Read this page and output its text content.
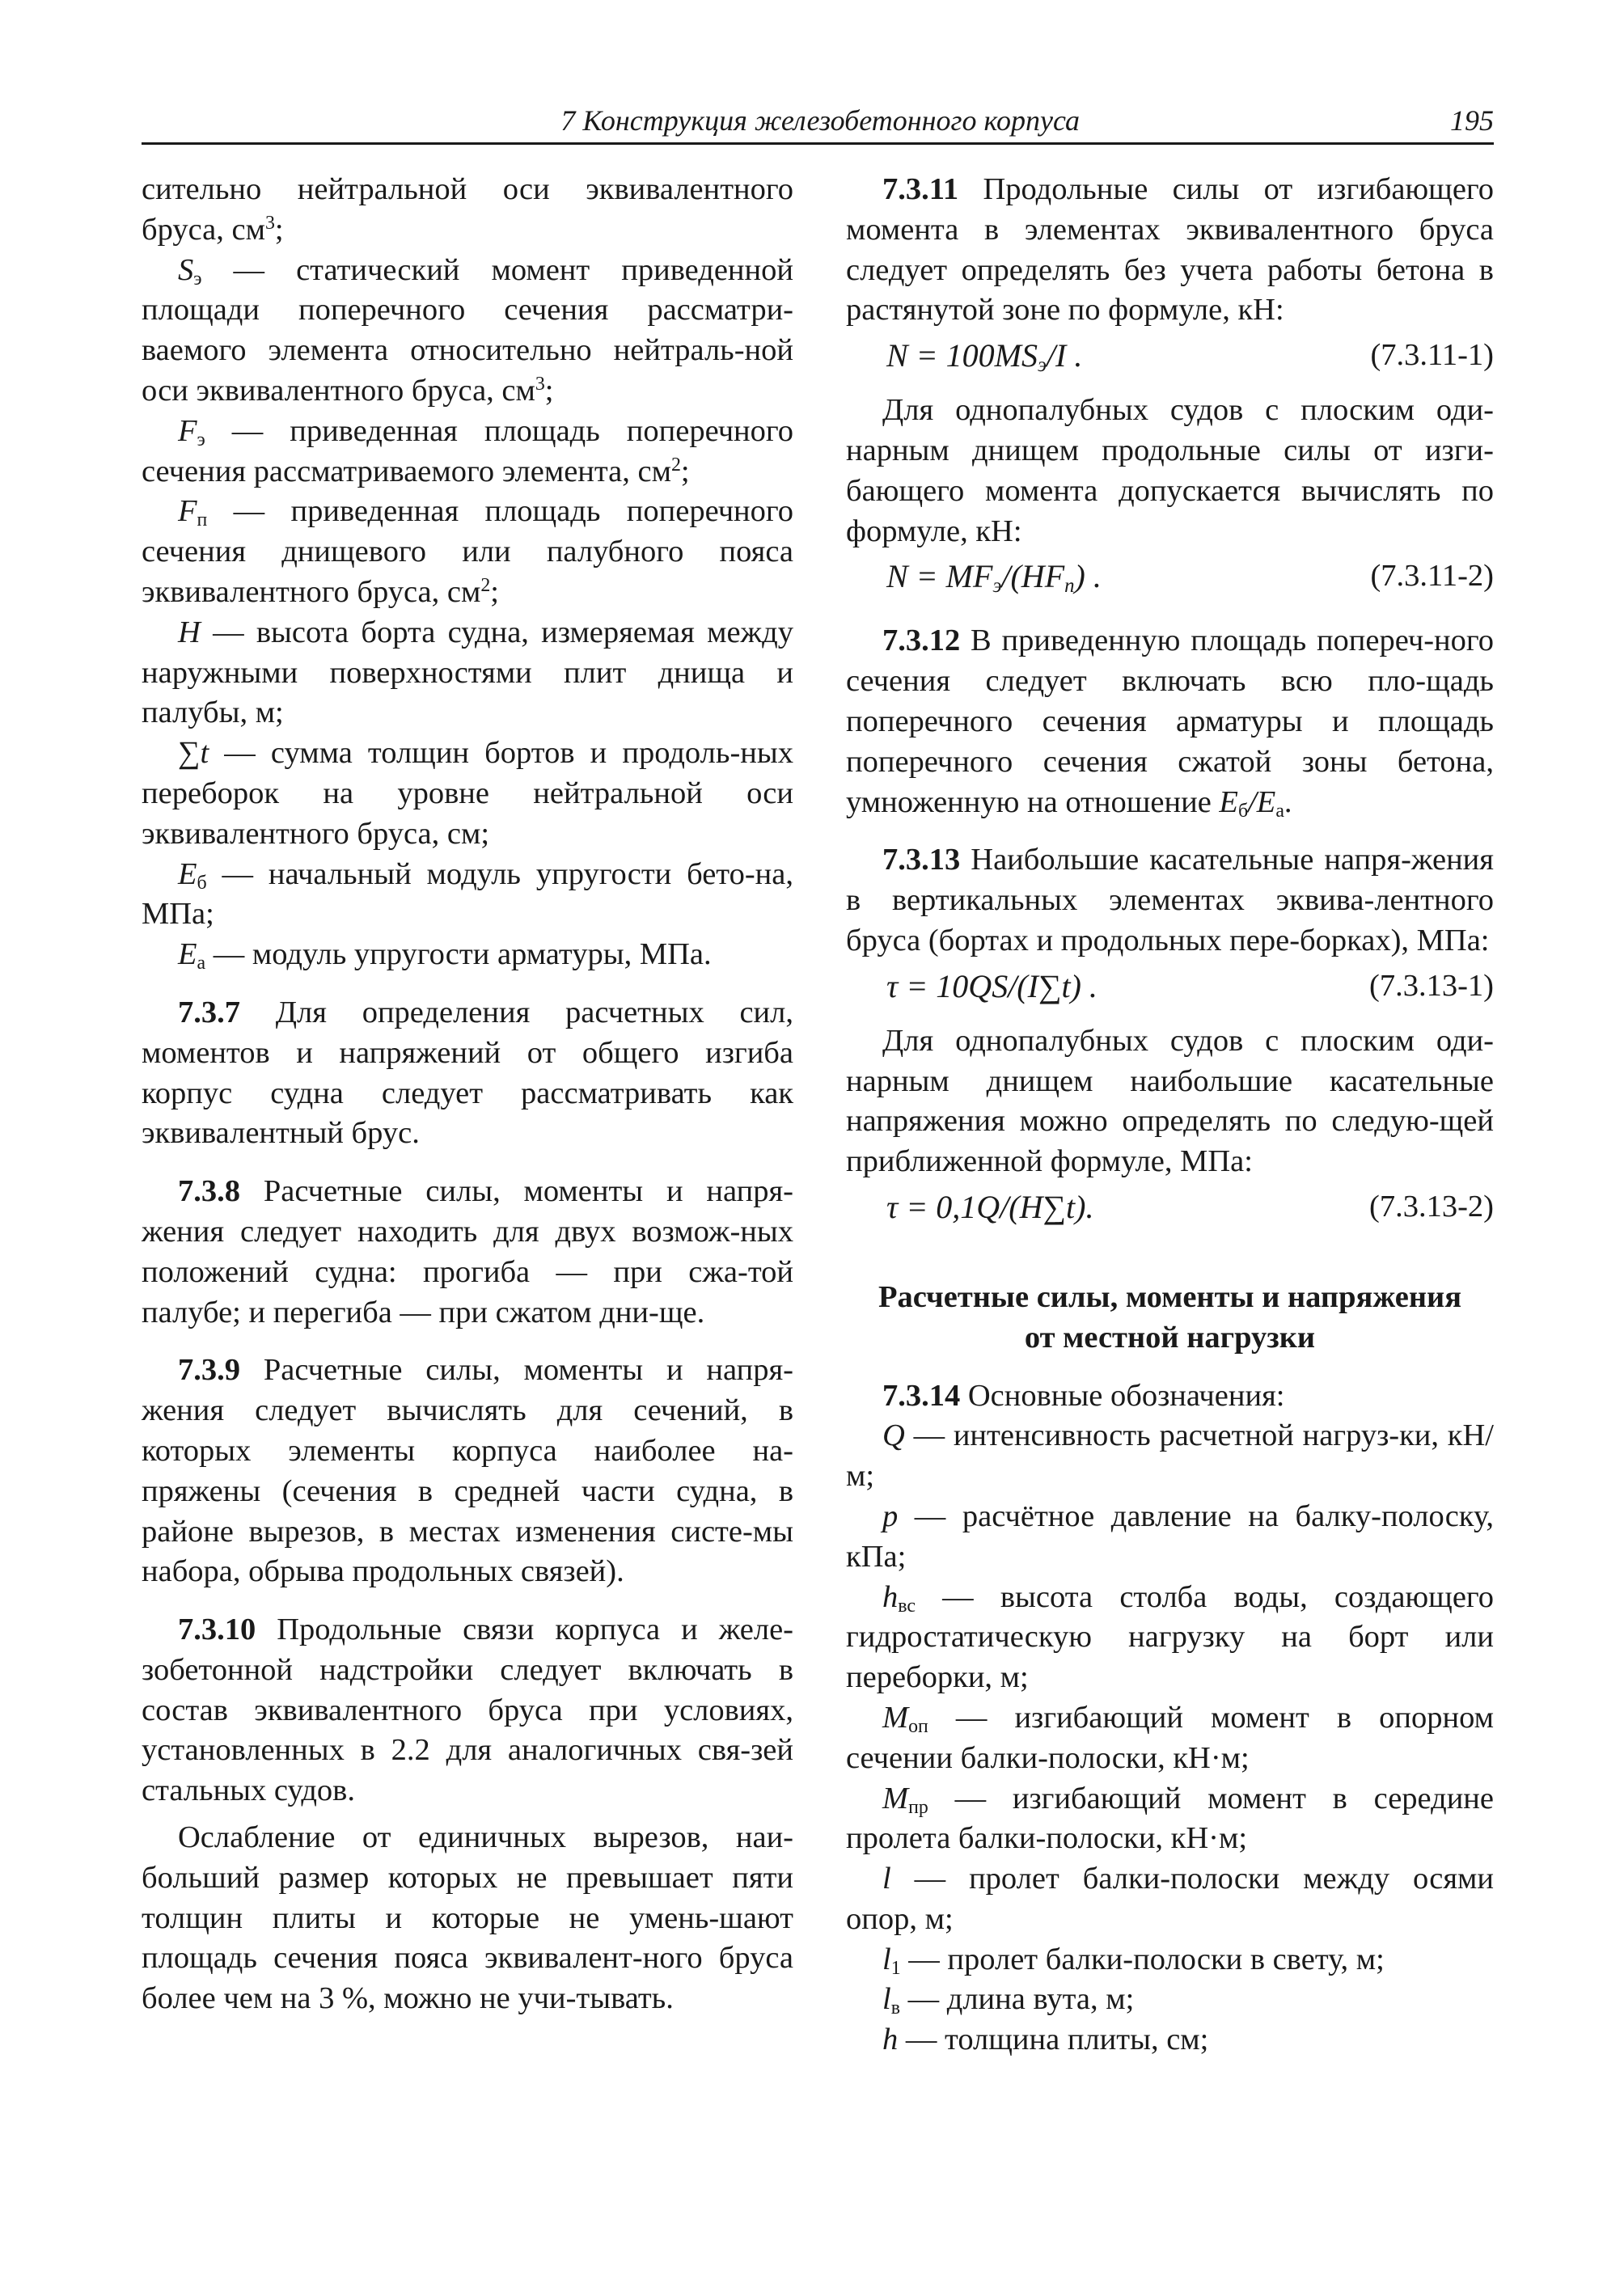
7 Конструкция железобетонного корпуса	195

сительно нейтральной оси эквивалентного бруса, $см^3$;

$S_э$ — статический момент приведенной площади поперечного сечения рассматри-ваемого элемента относительно нейтраль-ной оси эквивалентного бруса, $см^3$;

$F_э$ — приведенная площадь поперечного сечения рассматриваемого элемента, $см^2$;

$F_п$ — приведенная площадь поперечного сечения днищевого или палубного пояса эквивалентного бруса, $см^2$;

H — высота борта судна, измеряемая между наружными поверхностями плит днища и палубы, м;

∑t — сумма толщин бортов и продоль-ных переборок на уровне нейтральной оси эквивалентного бруса, см;

$E_б$ — начальный модуль упругости бето-на, МПа;

$E_а$ — модуль упругости арматуры, МПа.

7.3.7 Для определения расчетных сил, моментов и напряжений от общего изгиба корпус судна следует рассматривать как эквивалентный брус.

7.3.8 Расчетные силы, моменты и напря-жения следует находить для двух возмож-ных положений судна: прогиба — при сжа-той палубе; и перегиба — при сжатом дни-ще.

7.3.9 Расчетные силы, моменты и напря-жения следует вычислять для сечений, в которых элементы корпуса наиболее на-пряжены (сечения в средней части судна, в районе вырезов, в местах изменения систе-мы набора, обрыва продольных связей).

7.3.10 Продольные связи корпуса и желе-зобетонной надстройки следует включать в состав эквивалентного бруса при условиях, установленных в 2.2 для аналогичных свя-зей стальных судов.

Ослабление от единичных вырезов, наи-больший размер которых не превышает пяти толщин плиты и которые не умень-шают площадь сечения пояса эквивалент-ного бруса более чем на 3 %, можно не учи-тывать.

7.3.11 Продольные силы от изгибающего момента в элементах эквивалентного бруса следует определять без учета работы бетона в растянутой зоне по формуле, кН:

$N = 100MS_э/I$ .	(7.3.11-1)

Для однопалубных судов с плоским оди-нарным днищем продольные силы от изги-бающего момента допускается вычислять по формуле, кН:

$N = MF_э/(HF_п)$ .	(7.3.11-2)

7.3.12 В приведенную площадь попереч-ного сечения следует включать всю пло-щадь поперечного сечения арматуры и площадь поперечного сечения сжатой зоны бетона, умноженную на отношение $E_б/E_а$.

7.3.13 Наибольшие касательные напря-жения в вертикальных элементах эквива-лентного бруса (бортах и продольных пере-борках), МПа:

τ = 10QS/(I∑t) .	(7.3.13-1)

Для однопалубных судов с плоским оди-нарным днищем наибольшие касательные напряжения можно определять по следую-щей приближенной формуле, МПа:

τ = 0,1Q/(H∑t).	(7.3.13-2)

Расчетные силы, моменты и напряжения
от местной нагрузки

7.3.14 Основные обозначения:

Q — интенсивность расчетной нагруз-ки, кН/м;

p — расчётное давление на балку-полоску, кПа;

$h_{вс}$ — высота столба воды, создающего гидростатическую нагрузку на борт или переборки, м;

$M_{оп}$ — изгибающий момент в опорном сечении балки-полоски, кН·м;

$M_{пр}$ — изгибающий момент в середине пролета балки-полоски, кН·м;

l — пролет балки-полоски между осями опор, м;

$l_1$ — пролет балки-полоски в свету, м;

$l_в$ — длина вута, м;

h — толщина плиты, см;
